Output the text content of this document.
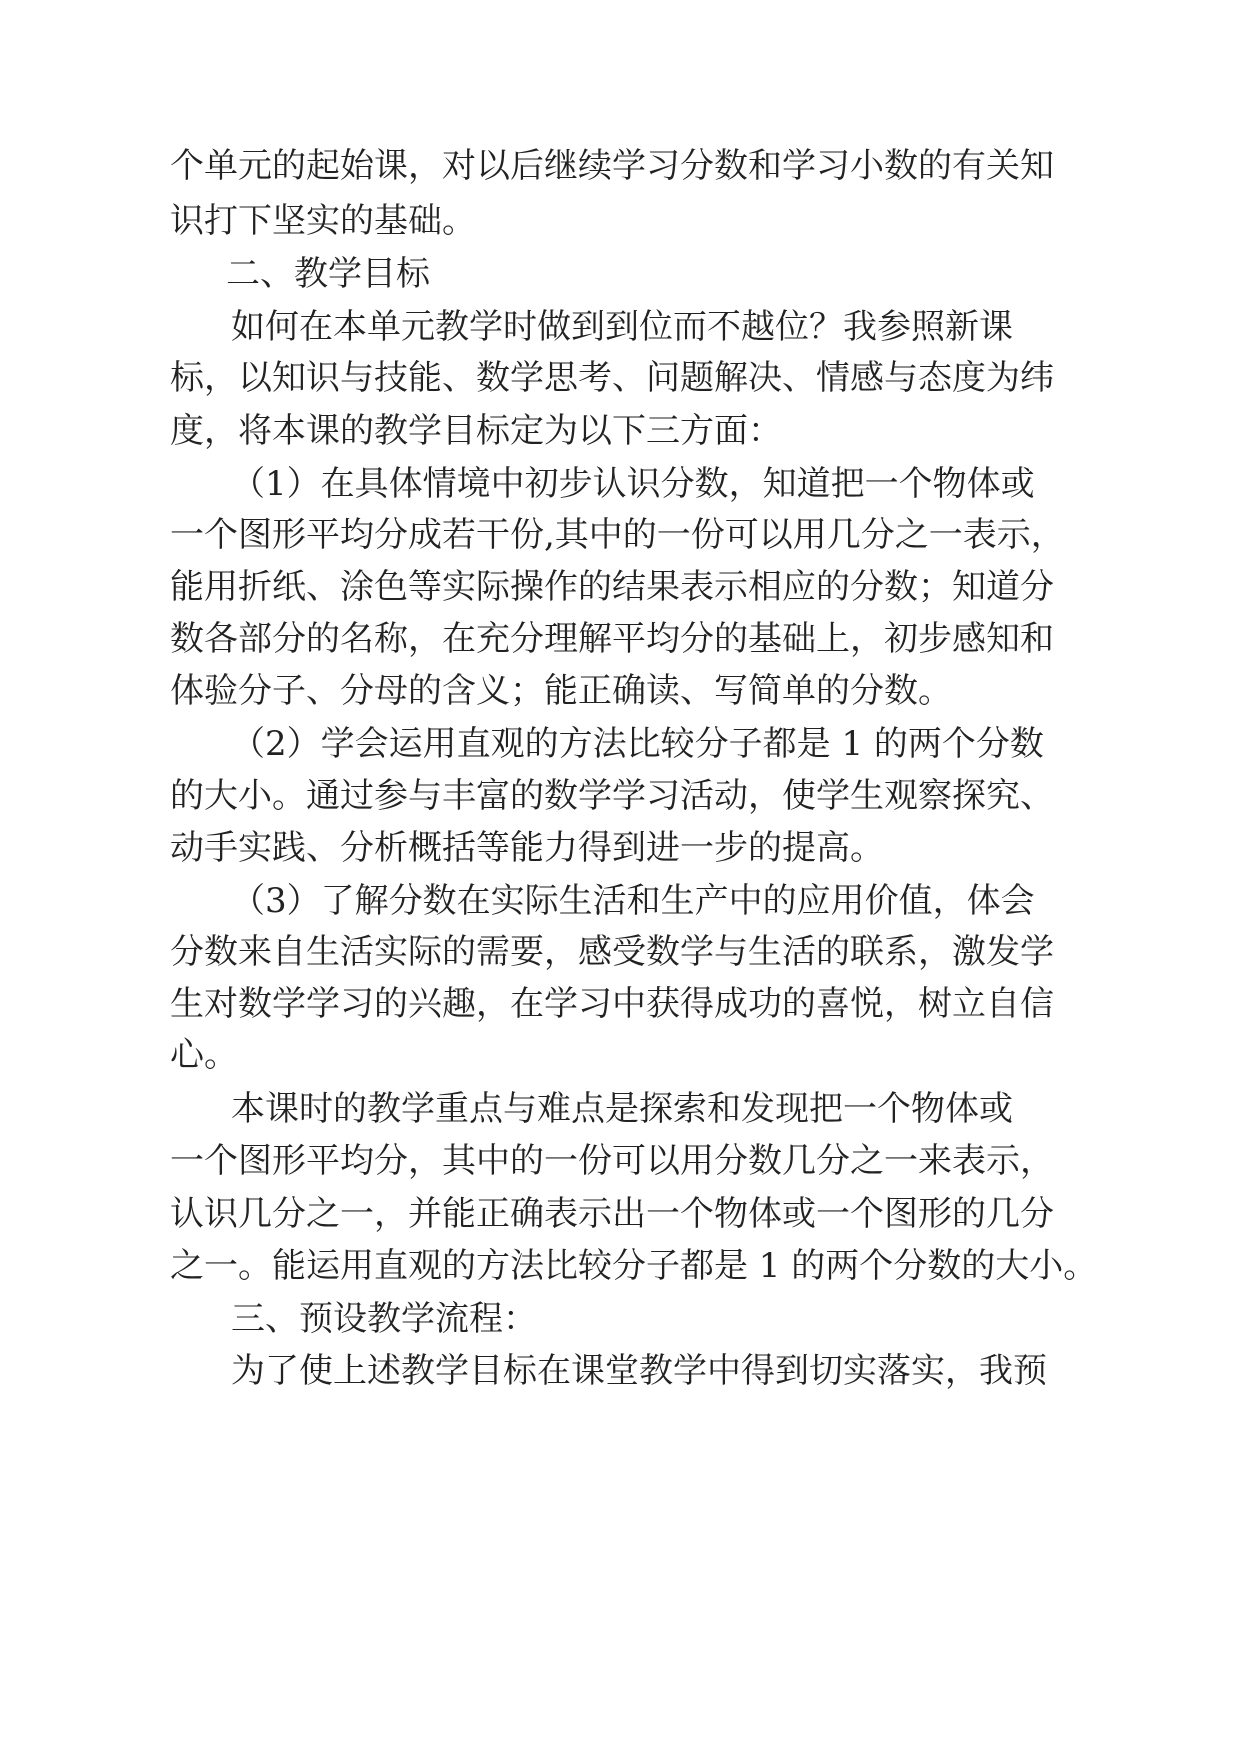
个单元的起始课，对以后继续学习分数和学习小数的有关知
识打下坚实的基础。
二、教学目标
如何在本单元教学时做到到位而不越位？我参照新课
标，以知识与技能、数学思考、问题解决、情感与态度为纬
度，将本课的教学目标定为以下三方面：
（1）在具体情境中初步认识分数，知道把一个物体或
一个图形平均分成若干份,其中的一份可以用几分之一表示，
能用折纸、涂色等实际操作的结果表示相应的分数；知道分
数各部分的名称，在充分理解平均分的基础上，初步感知和
体验分子、分母的含义；能正确读、写简单的分数。
（2）学会运用直观的方法比较分子都是 1 的两个分数
的大小。通过参与丰富的数学学习活动，使学生观察探究、
动手实践、分析概括等能力得到进一步的提高。
（3）了解分数在实际生活和生产中的应用价值，体会
分数来自生活实际的需要，感受数学与生活的联系，激发学
生对数学学习的兴趣，在学习中获得成功的喜悦，树立自信
心。
本课时的教学重点与难点是探索和发现把一个物体或
一个图形平均分，其中的一份可以用分数几分之一来表示，
认识几分之一，并能正确表示出一个物体或一个图形的几分
之一。能运用直观的方法比较分子都是 1 的两个分数的大小。
三、预设教学流程：
为了使上述教学目标在课堂教学中得到切实落实，我预
